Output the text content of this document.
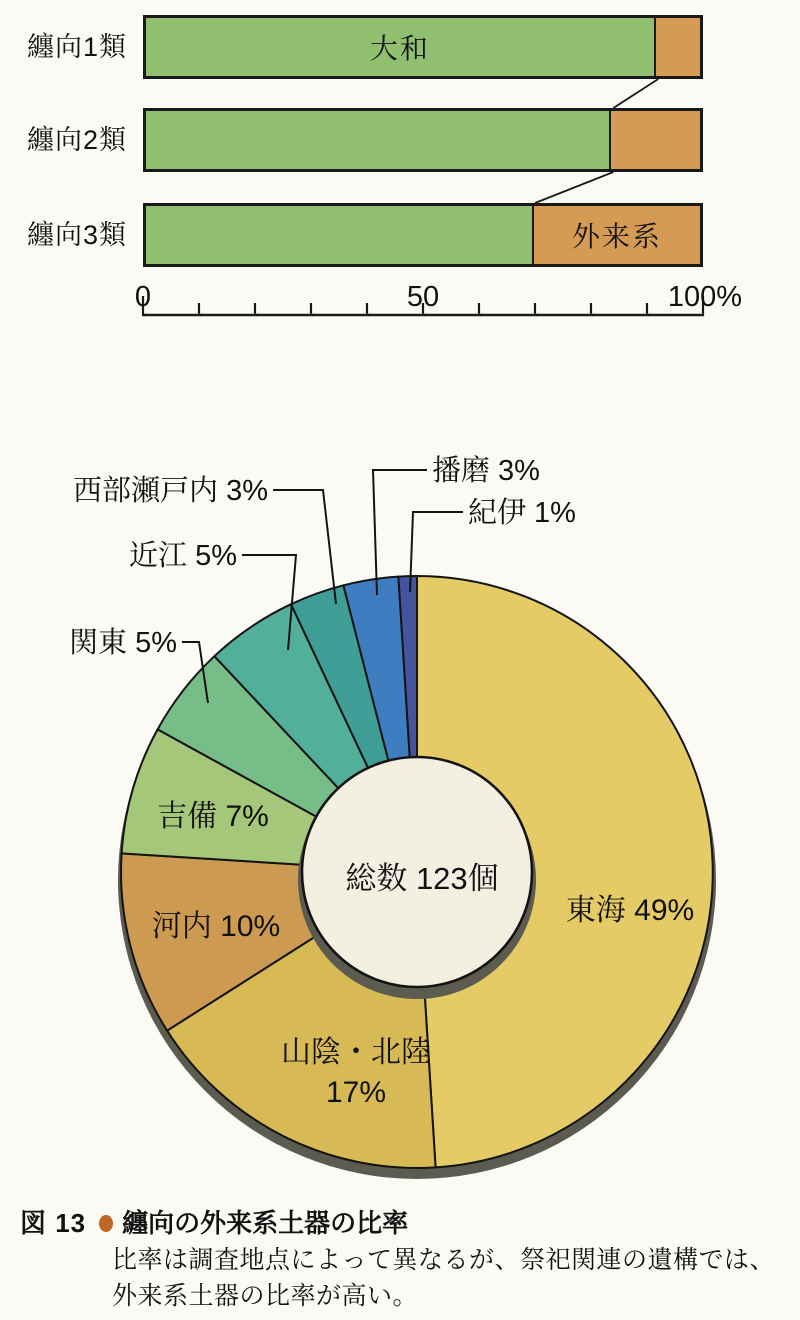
纏向1類	大和
纏向2類
纏向3類	外来系
0	50	100%
東海 49%
山陰・北陸
17%
河内 10%
吉備 7%
関東 5%
近江 5%
西部瀬戸内 3%
播磨 3%
紀伊 1%
総数 123個
図 13 纏向の外来系土器の比率
比率は調査地点によって異なるが、祭祀関連の遺構では、
外来系土器の比率が高い。
